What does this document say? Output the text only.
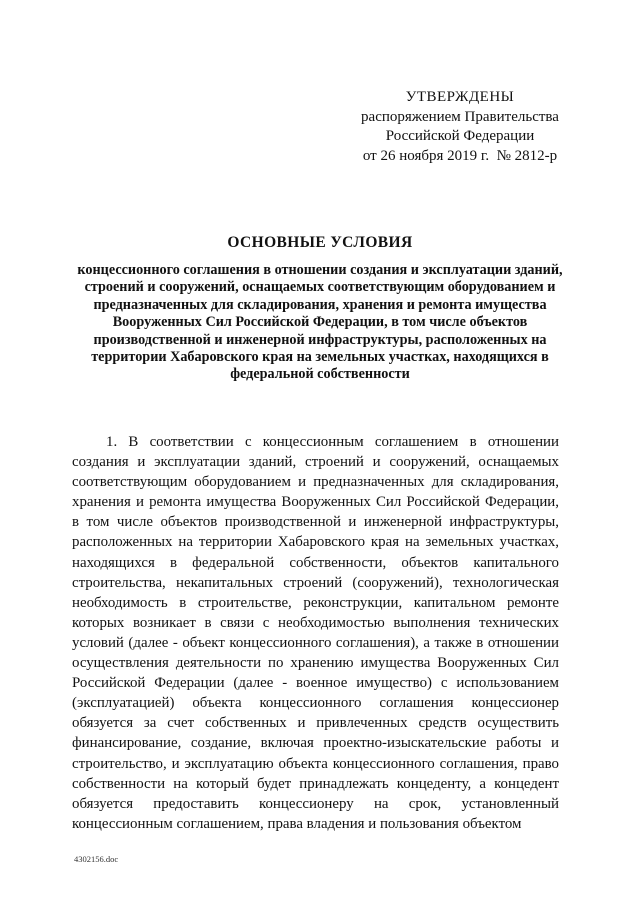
УТВЕРЖДЕНЫ
распоряжением Правительства
Российской Федерации
от 26 ноября 2019 г.  № 2812-р
ОСНОВНЫЕ УСЛОВИЯ
концессионного соглашения в отношении создания и эксплуатации зданий, строений и сооружений, оснащаемых соответствующим оборудованием и предназначенных для складирования, хранения и ремонта имущества Вооруженных Сил Российской Федерации, в том числе объектов производственной и инженерной инфраструктуры, расположенных на территории Хабаровского края на земельных участках, находящихся в федеральной собственности

1. В соответствии с концессионным соглашением в отношении создания и эксплуатации зданий, строений и сооружений, оснащаемых соответствующим оборудованием и предназначенных для складирования, хранения и ремонта имущества Вооруженных Сил Российской Федерации, в том числе объектов производственной и инженерной инфраструктуры, расположенных на территории Хабаровского края на земельных участках, находящихся в федеральной собственности, объектов капитального строительства, некапитальных строений (сооружений), технологическая необходимость в строительстве, реконструкции, капитальном ремонте которых возникает в связи с необходимостью выполнения технических условий (далее - объект концессионного соглашения), а также в отношении осуществления деятельности по хранению имущества Вооруженных Сил Российской Федерации (далее - военное имущество) с использованием (эксплуатацией) объекта концессионного соглашения концессионер обязуется за счет собственных и привлеченных средств осуществить финансирование, создание, включая проектно-изыскательские работы и строительство, и эксплуатацию объекта концессионного соглашения, право собственности на который будет принадлежать концеденту, а концедент обязуется предоставить концессионеру на срок, установленный концессионным соглашением, права владения и пользования объектом

4302156.doc
